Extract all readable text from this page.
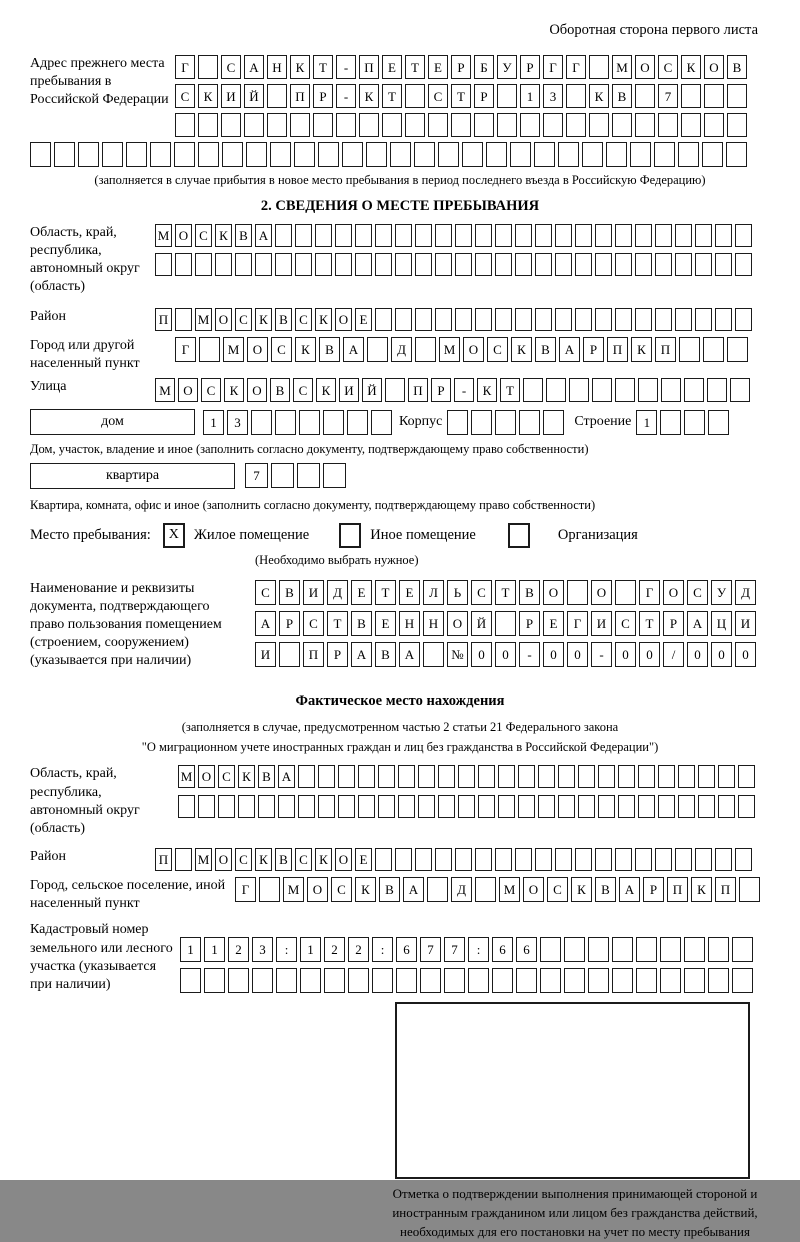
Оборотная сторона первого листа
Адрес прежнего места пребывания в Российской Федерации
Г	С	А	Н	К	Т	-	П	Е	Т	Е	Р	Б	У	Р	Г	Г	М О	С	К	О	В
С	К	И	Й	П	Р	-	К	Т	С	Т	Р	1	3	К	В	7
(заполняется в случае прибытия в новое место пребывания в период последнего въезда в Российскую Федерацию)
2. СВЕДЕНИЯ О МЕСТЕ ПРЕБЫВАНИЯ
Область, край, республика, автономный округ (область)
М О С К В А
Район	П М О С К В С К О Е
Город или другой населенный пункт
Г	М	О	С	К	В	А	Д	М	О	С	К	В	А	Р	П	К	П
Улица	М О	С	К	О	В	С	К	И	Й	П	Р	-	К	Т
дом	1	3	Корпус	Строение 1
Дом, участок, владение и иное (заполнить согласно документу, подтверждающему право собственности)
квартира	7
Квартира, комната, офис и иное (заполнить согласно документу, подтверждающему право собственности)
Место пребывания:	X	Жилое помещение	Иное помещение	Организация
(Необходимо выбрать нужное)
Наименование и реквизиты документа, подтверждающего право пользования помещением (строением, сооружением) (указывается при наличии)
С	В	И	Д	Е	Т	Е	Л	Ь	С	Т	В	О	О	Г	О	С	У	Д
А	Р	С	Т	В	Е	Н	Н	О	Й	Р	Е	Г	И	С	Т	Р	А	Ц	И
И	П	Р	А	В	А	№	0	0	-	0	0	-	0	0	/	0	0	0
Фактическое место нахождения
(заполняется в случае, предусмотренном частью 2 статьи 21 Федерального закона
"О миграционном учете иностранных граждан и лиц без гражданства в Российской Федерации")
Область, край, республика, автономный округ (область)
М О С К В А
Район	П М О С К В С К О Е
Город, сельское поселение, иной населенный пункт
Г	М	О	С	К	В	А	Д	М	О	С	К	В	А	Р	П	К	П
Кадастровый номер земельного или лесного участка (указывается при наличии)
1	1	2	3	:	1	2	2	:	6	7	7	:	6	6
Отметка о подтверждении выполнения принимающей стороной и иностранным гражданином или лицом без гражданства действий, необходимых для его постановки на учет по месту пребывания
